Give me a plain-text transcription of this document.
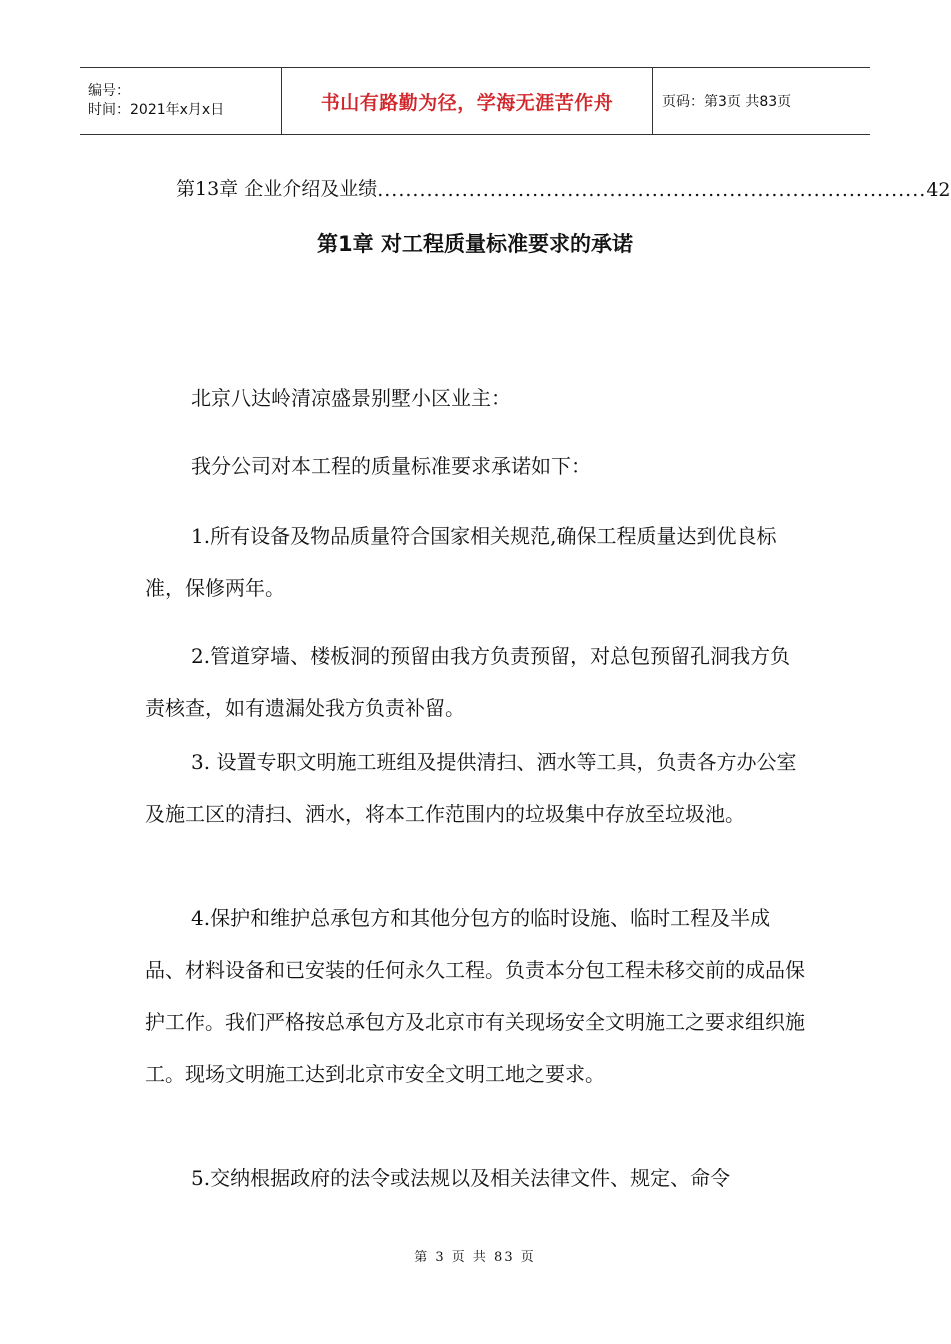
编号：
时间：2021年x月x日	书山有路勤为径，学海无涯苦作舟	页码：第3页 共83页
第13章 企业介绍及业绩 .............................................................................. 42
第1章 对工程质量标准要求的承诺

北京八达岭清凉盛景别墅小区业主：

我分公司对本工程的质量标准要求承诺如下：

1.所有设备及物品质量符合国家相关规范,确保工程质量达到优良标准，保修两年。

2.管道穿墙、楼板洞的预留由我方负责预留，对总包预留孔洞我方负责核查，如有遗漏处我方负责补留。

3. 设置专职文明施工班组及提供清扫、洒水等工具，负责各方办公室及施工区的清扫、洒水，将本工作范围内的垃圾集中存放至垃圾池。

4.保护和维护总承包方和其他分包方的临时设施、临时工程及半成品、材料设备和已安装的任何永久工程。负责本分包工程未移交前的成品保护工作。我们严格按总承包方及北京市有关现场安全文明施工之要求组织施工。现场文明施工达到北京市安全文明工地之要求。

5.交纳根据政府的法令或法规以及相关法律文件、规定、命令

第 3 页 共 83 页
